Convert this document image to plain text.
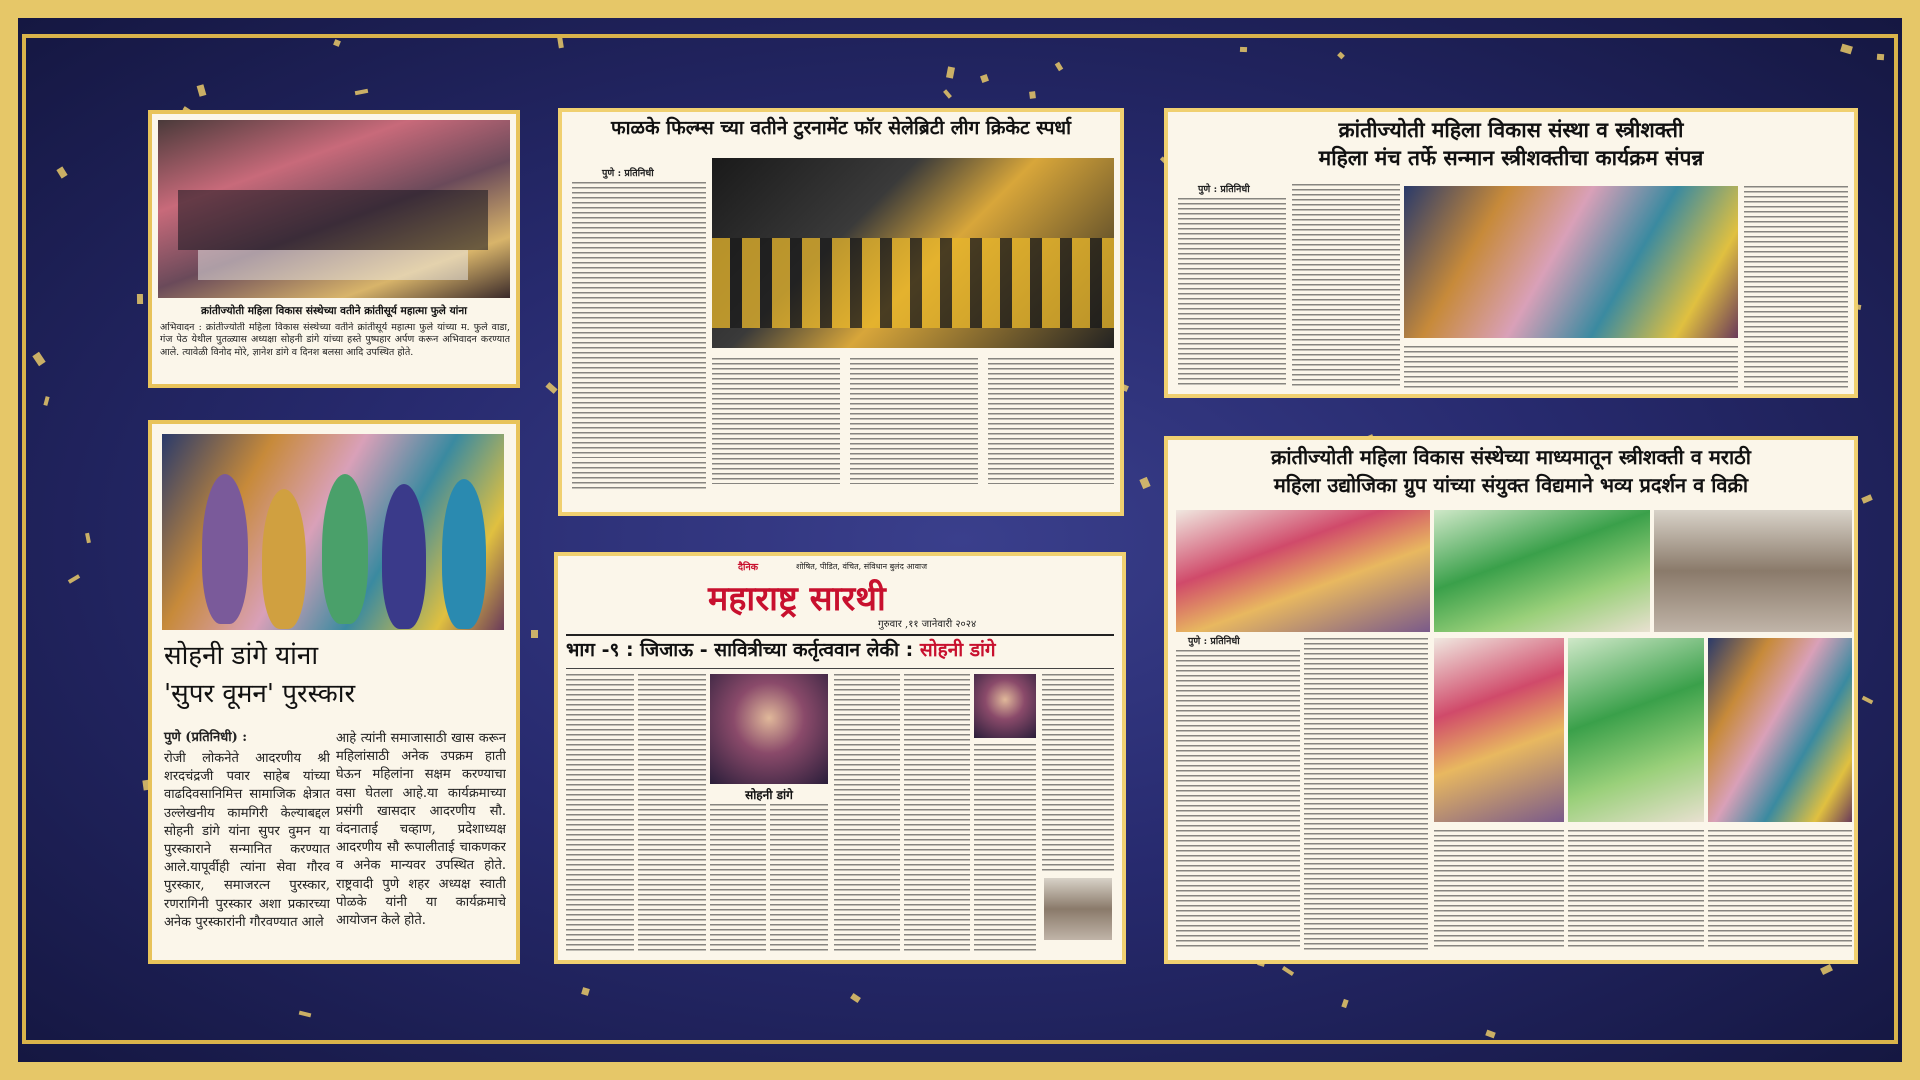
क्रांतीज्योती महिला विकास संस्थेच्या वतीने क्रांतीसूर्य महात्मा फुले यांना
अभिवादन : क्रांतीज्योती महिला विकास संस्थेच्या वतीने क्रांतीसूर्य महात्मा फुले यांच्या म. फुले वाडा, गंज पेठ येथील पुतळ्यास अध्यक्षा सोहनी डांगे यांच्या हस्ते पुष्पहार अर्पण करून अभिवादन करण्यात आले. त्यावेळी विनोद मोरे, ज्ञानेश डांगे व दिनश बलसा आदि उपस्थित होते.
फाळके फिल्म्स च्या वतीने टुरनामेंट फॉर सेलेब्रिटी लीग क्रिकेट स्पर्धा
पुणे : प्रतिनिधी
क्रांतीज्योती महिला विकास संस्था व स्त्रीशक्ती
महिला मंच तर्फे सन्मान स्त्रीशक्तीचा कार्यक्रम संपन्न
पुणे : प्रतिनिधी
सोहनी डांगे यांना
'सुपर वूमन' पुरस्कार
पुणे (प्रतिनिधी) :
रोजी लोकनेते आदरणीय श्री शरदचंद्रजी पवार साहेब यांच्या वाढदिवसानिमित्त सामाजिक क्षेत्रात उल्लेखनीय कामगिरी केल्याबद्दल सोहनी डांगे यांना सुपर वुमन या पुरस्काराने सन्मानित करण्यात आले.यापूर्वीही त्यांना सेवा गौरव पुरस्कार, समाजरत्न पुरस्कार, रणरागिनी पुरस्कार अशा प्रकारच्या अनेक पुरस्कारांनी गौरवण्यात आले
आहे त्यांनी समाजासाठी खास करून महिलांसाठी अनेक उपक्रम हाती घेऊन महिलांना सक्षम करण्याचा वसा घेतला आहे.या कार्यक्रमाच्या प्रसंगी खासदार आदरणीय सौ. वंदनाताई चव्हाण, प्रदेशाध्यक्ष आदरणीय सौ रूपालीताई चाकणकर व अनेक मान्यवर उपस्थित होते. राष्ट्रवादी पुणे शहर अध्यक्ष स्वाती पोळके यांनी या कार्यक्रमाचे आयोजन केले होते.
दैनिक	शोषित, पीडित, वंचित, संविधान बुलंद आवाज
महाराष्ट्र सारथी
गुरुवार ,११ जानेवारी २०२४
भाग -९ : जिजाऊ - सावित्रीच्या कर्तृत्ववान लेकी : सोहनी डांगे
सोहनी डांगे
क्रांतीज्योती महिला विकास संस्थेच्या माध्यमातून स्त्रीशक्ती व मराठी
महिला उद्योजिका ग्रुप यांच्या संयुक्त विद्यमाने भव्य प्रदर्शन व विक्री
पुणे : प्रतिनिधी
